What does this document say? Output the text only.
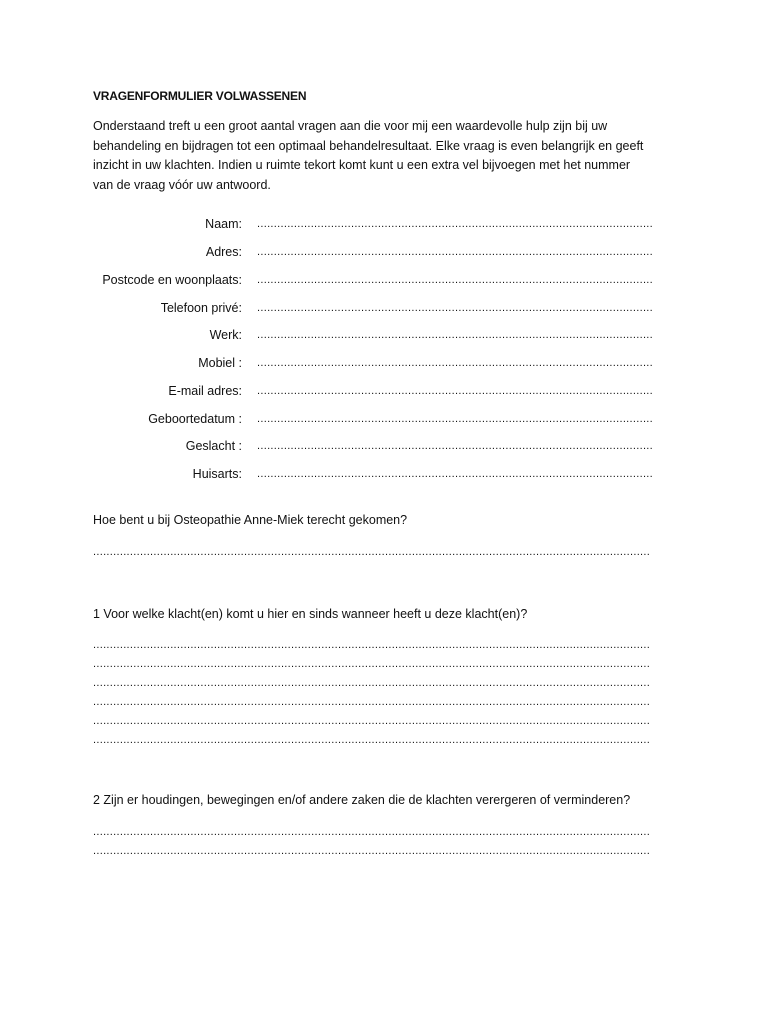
VRAGENFORMULIER VOLWASSENEN
Onderstaand treft u een groot aantal vragen aan die voor mij een waardevolle hulp zijn bij uw
behandeling en bijdragen tot een optimaal behandelresultaat. Elke vraag is even belangrijk en geeft
inzicht in uw klachten. Indien u ruimte tekort komt kunt u een extra vel bijvoegen met het nummer
van de vraag vóór uw antwoord.
Naam: ......................................................................................................................
Adres: ......................................................................................................................
Postcode en woonplaats: ......................................................................................................................
Telefoon privé: ......................................................................................................................
Werk: ......................................................................................................................
Mobiel : ......................................................................................................................
E-mail adres: ......................................................................................................................
Geboortedatum : ......................................................................................................................
Geslacht : ......................................................................................................................
Huisarts: ......................................................................................................................
Hoe bent u bij Osteopathie Anne-Miek terecht gekomen?
......................................................................................................................................................................
1 Voor welke klacht(en) komt u hier en sinds wanneer heeft u deze klacht(en)?
......................................................................................................................................................................
......................................................................................................................................................................
......................................................................................................................................................................
......................................................................................................................................................................
......................................................................................................................................................................
......................................................................................................................................................................
2 Zijn er houdingen, bewegingen en/of andere zaken die de klachten verergeren of verminderen?
......................................................................................................................................................................
......................................................................................................................................................................
